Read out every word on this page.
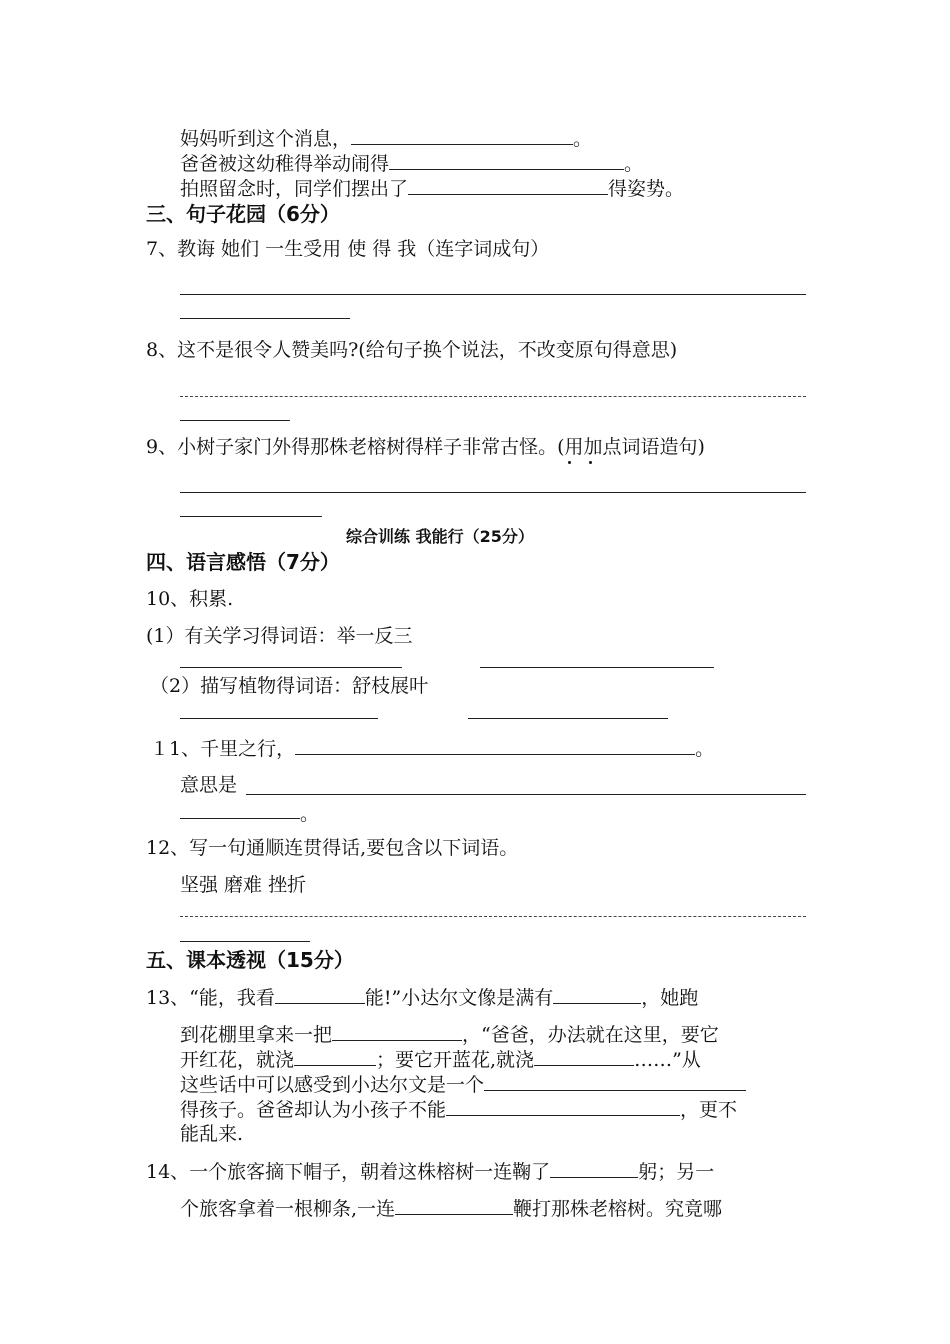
妈妈听到这个消息，	。
爸爸被这幼稚得举动闹得	。
拍照留念时，同学们摆出了	得姿势。
三、句子花园（6分）
7、教诲 她们 一生受用 使 得 我（连字词成句）
8、这不是很令人赞美吗?(给句子换个说法，不改变原句得意思)
9、小树子家门外得那株老榕树得样子非常古怪。(用加点词语造句)
综合训练 我能行（25分）
四、语言感悟（7分）
10、积累.
(1）有关学习得词语：举一反三
（2）描写植物得词语：舒枝展叶
１1、千里之行，	。
意思是
。
12、写一句通顺连贯得话,要包含以下词语。
坚强 磨难 挫折
五、课本透视（15分）
13、“能，我看	能!”小达尔文像是满有	，她跑
到花棚里拿来一把	，“爸爸，办法就在这里，要它
开红花，就浇	；要它开蓝花,就浇	……”从
这些话中可以感受到小达尔文是一个
得孩子。爸爸却认为小孩子不能	，更不
能乱来.
14、一个旅客摘下帽子，朝着这株榕树一连鞠了	躬；另一
个旅客拿着一根柳条,一连	鞭打那株老榕树。究竟哪
